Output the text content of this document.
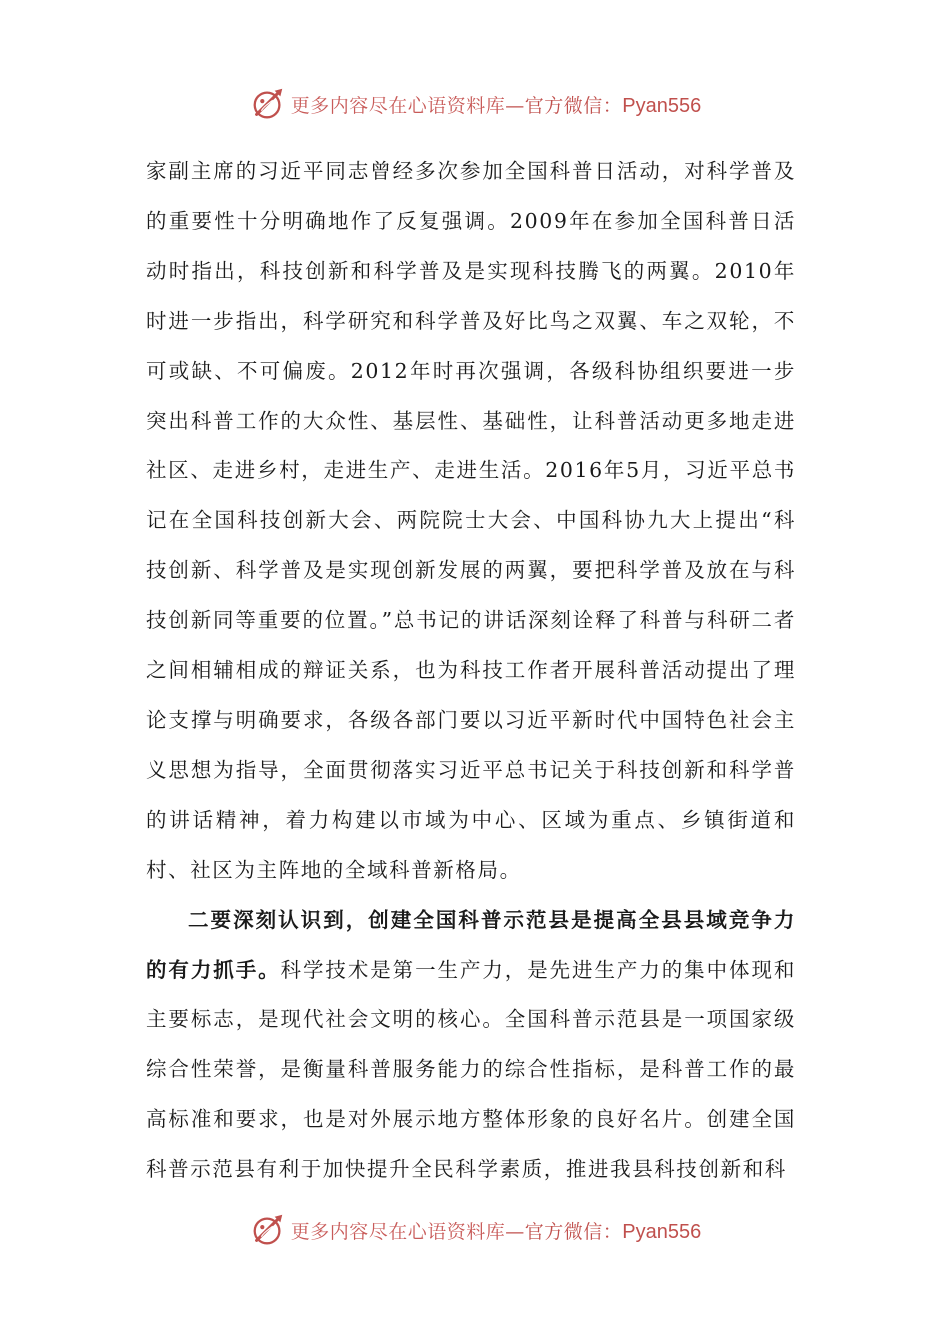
更多内容尽在心语资料库—官方微信：Pyan556

家副主席的习近平同志曾经多次参加全国科普日活动，对科学普及的重要性十分明确地作了反复强调。2009年在参加全国科普日活动时指出，科技创新和科学普及是实现科技腾飞的两翼。2010年时进一步指出，科学研究和科学普及好比鸟之双翼、车之双轮，不可或缺、不可偏废。2012年时再次强调，各级科协组织要进一步突出科普工作的大众性、基层性、基础性，让科普活动更多地走进社区、走进乡村，走进生产、走进生活。2016年5月，习近平总书记在全国科技创新大会、两院院士大会、中国科协九大上提出“科技创新、科学普及是实现创新发展的两翼，要把科学普及放在与科技创新同等重要的位置。”总书记的讲话深刻诠释了科普与科研二者之间相辅相成的辩证关系，也为科技工作者开展科普活动提出了理论支撑与明确要求，各级各部门要以习近平新时代中国特色社会主义思想为指导，全面贯彻落实习近平总书记关于科技创新和科学普的讲话精神，着力构建以市域为中心、区域为重点、乡镇街道和村、社区为主阵地的全域科普新格局。

二要深刻认识到，创建全国科普示范县是提高全县县域竞争力的有力抓手。科学技术是第一生产力，是先进生产力的集中体现和主要标志，是现代社会文明的核心。全国科普示范县是一项国家级综合性荣誉，是衡量科普服务能力的综合性指标，是科普工作的最高标准和要求，也是对外展示地方整体形象的良好名片。创建全国科普示范县有利于加快提升全民科学素质，推进我县科技创新和科

更多内容尽在心语资料库—官方微信：Pyan556
